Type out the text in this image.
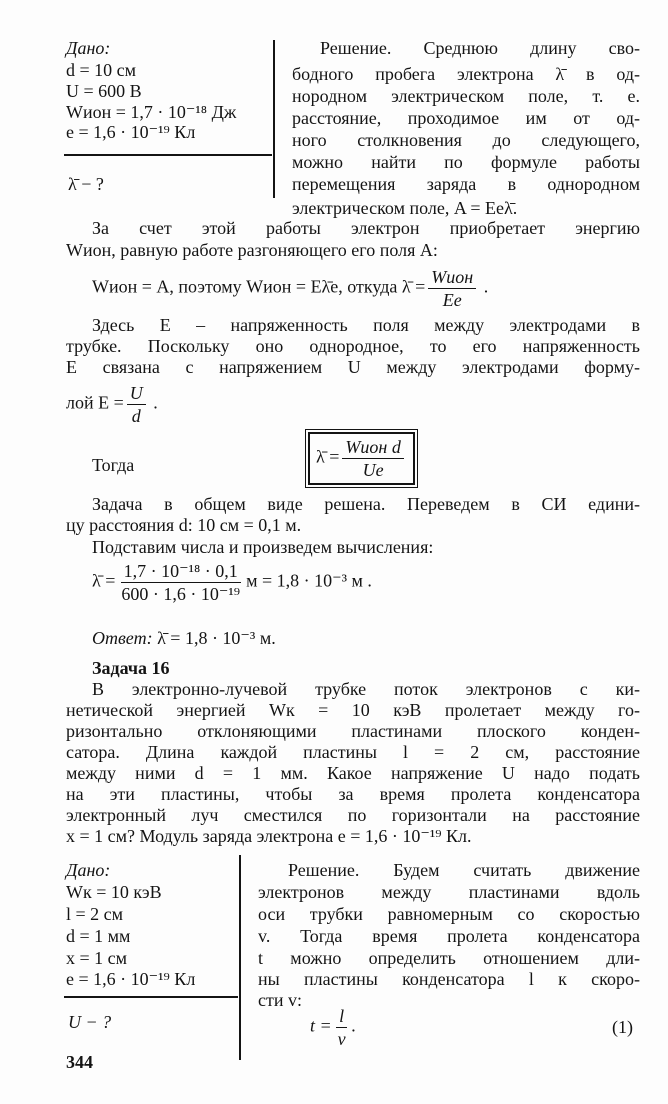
Дано:
d = 10 см
U = 600 В
Wион = 1,7 · 10⁻¹⁸ Дж
e = 1,6 · 10⁻¹⁹ Кл
λ̄ − ?
Решение. Среднюю длину сво-
бодного пробега электрона λ̄ в од-
нородном электрическом поле, т. е.
расстояние, проходимое им от од-
ного столкновения до следующего,
можно найти по формуле работы
перемещения заряда в однородном
электрическом поле, A = Eeλ̄.
За счет этой работы электрон приобретает энергию
Wион, равную работе разгоняющего его поля A:
Wион = A, поэтому Wион = Eλ̄e, откуда λ̄ = $\frac{\text{Wион}}{Ee}$ .
Здесь E – напряженность поля между электродами в
трубке. Поскольку оно однородное, то его напряженность
E связана с напряжением U между электродами форму-
лой $E = \frac{U}{d}$ .
Тогда	λ̄ = $\frac{\text{Wион d}}{Ue}$
Задача в общем виде решена. Переведем в СИ едини-
цу расстояния d: 10 см = 0,1 м.
Подставим числа и произведем вычисления:
λ̄ = $\frac{\text{1,7 · 10⁻¹⁸ · 0,1}}{\text{600 · 1,6 · 10⁻¹⁹}}$ м = 1,8 · 10⁻³ м .
Ответ: λ̄ = 1,8 · 10⁻³ м.
Задача 16
В электронно-лучевой трубке поток электронов с ки-
нетической энергией Wк = 10 кэВ пролетает между го-
ризонтально отклоняющими пластинами плоского конден-
сатора. Длина каждой пластины l = 2 см, расстояние
между ними d = 1 мм. Какое напряжение U надо подать
на эти пластины, чтобы за время пролета конденсатора
электронный луч сместился по горизонтали на расстояние
x = 1 см? Модуль заряда электрона e = 1,6 · 10⁻¹⁹ Кл.
Дано:
Wк = 10 кэВ
l = 2 см
d = 1 мм
x = 1 см
e = 1,6 · 10⁻¹⁹ Кл
U − ?
Решение. Будем считать движение
электронов между пластинами вдоль
оси трубки равномерным со скоростью
v. Тогда время пролета конденсатора
t можно определить отношением дли-
ны пластины конденсатора l к скоро-
сти v:
$t = \frac{l}{v}$ .	(1)
344
